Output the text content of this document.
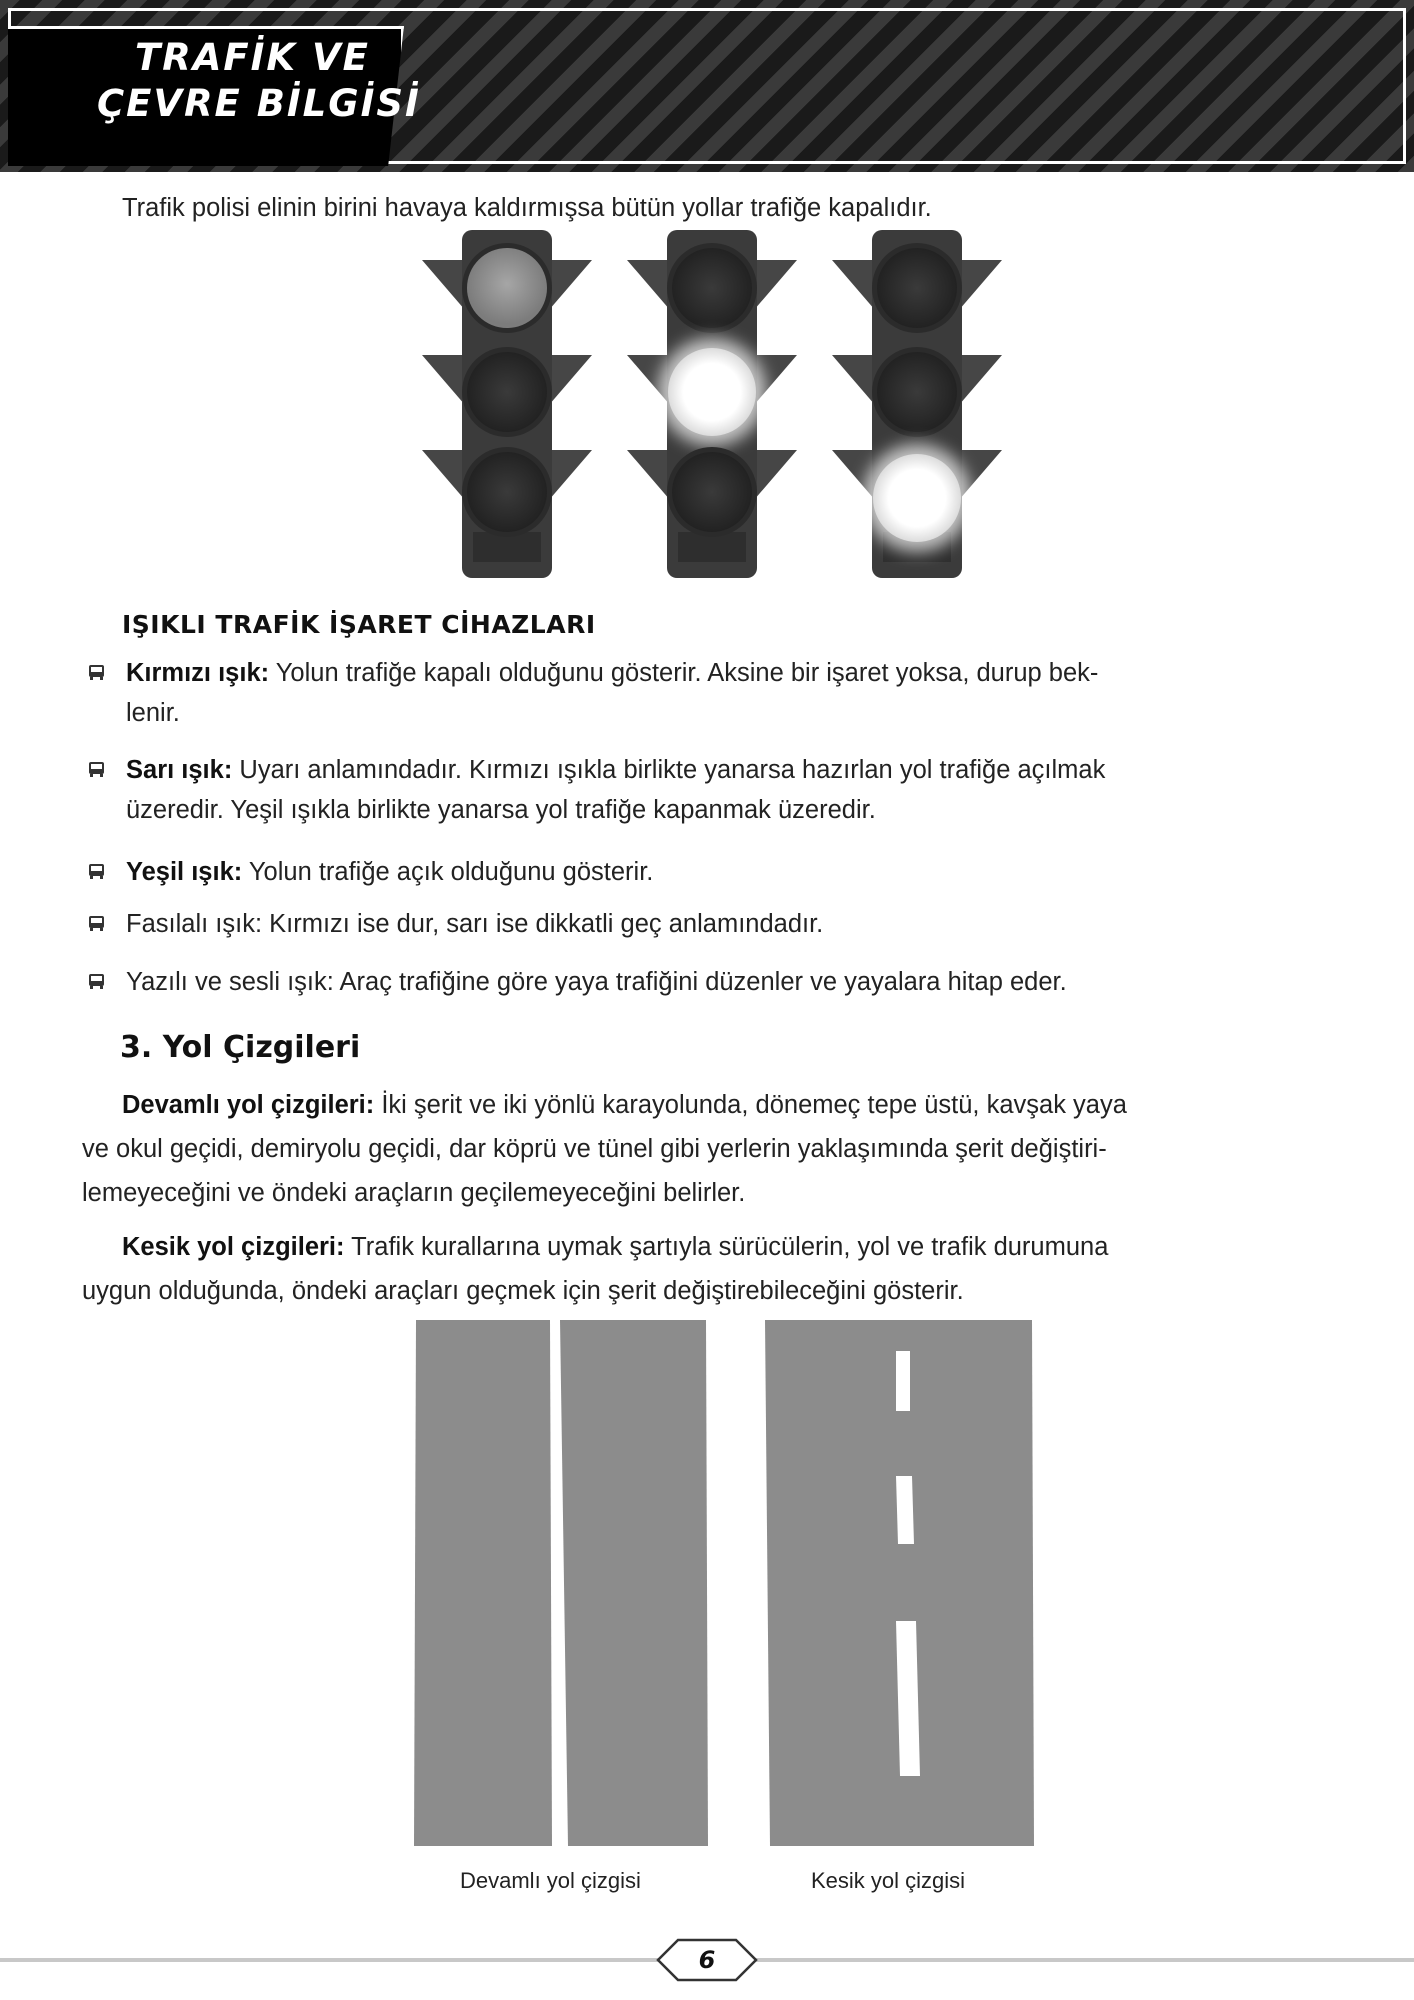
TRAFİK VE
ÇEVRE BİLGİSİ
Trafik polisi elinin birini havaya kaldırmışsa bütün yollar trafiğe kapalıdır.
IŞIKLI TRAFİK İŞARET CİHAZLARI
Kırmızı ışık: Yolun trafiğe kapalı olduğunu gösterir. Aksine bir işaret yoksa, durup bek-
lenir.
Sarı ışık: Uyarı anlamındadır. Kırmızı ışıkla birlikte yanarsa hazırlan yol trafiğe açılmak
üzeredir. Yeşil ışıkla birlikte yanarsa yol trafiğe kapanmak üzeredir.
Yeşil ışık: Yolun trafiğe açık olduğunu gösterir.
Fasılalı ışık: Kırmızı ise dur, sarı ise dikkatli geç anlamındadır.
Yazılı ve sesli ışık: Araç trafiğine göre yaya trafiğini düzenler ve yayalara hitap eder.
3. Yol Çizgileri
Devamlı yol çizgileri: İki şerit ve iki yönlü karayolunda, dönemeç tepe üstü, kavşak yaya
ve okul geçidi, demiryolu geçidi, dar köprü ve tünel gibi yerlerin yaklaşımında şerit değiştiri-
lemeyeceğini ve öndeki araçların geçilemeyeceğini belirler.
Kesik yol çizgileri: Trafik kurallarına uymak şartıyla sürücülerin, yol ve trafik durumuna
uygun olduğunda, öndeki araçları geçmek için şerit değiştirebileceğini gösterir.
Devamlı yol çizgisi	Kesik yol çizgisi
6
